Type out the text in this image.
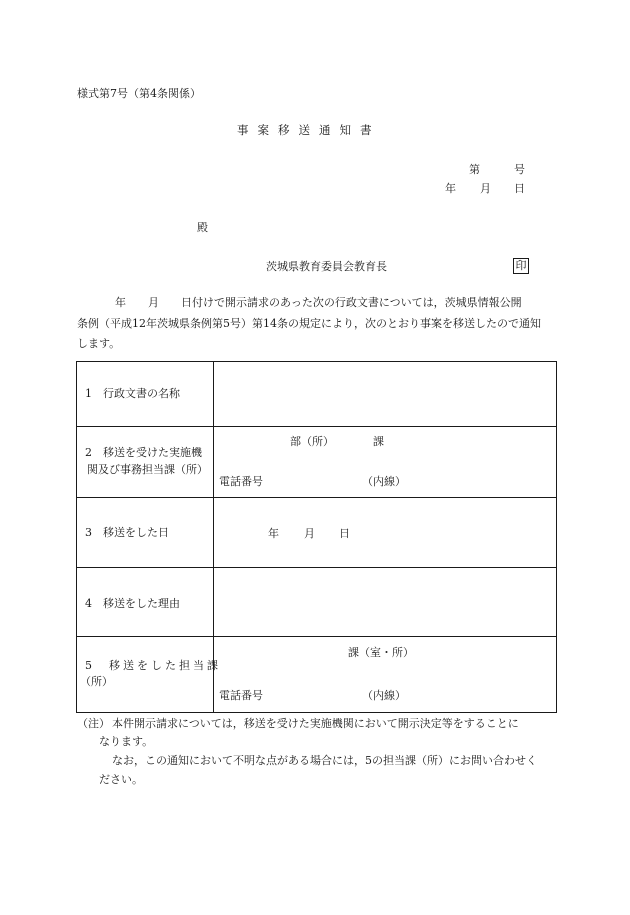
様式第7号（第4条関係）
事案移送通知書
第	号
年 月 日
殿
茨城県教育委員会教育長	印
年 月 日付けで開示請求のあった次の行政文書については，茨城県情報公開
条例（平成12年茨城県条例第5号）第14条の規定により，次のとおり事案を移送したので通知
します。
1　行政文書の名称	

2　移送を受けた実施機
関及び事務担当課（所）	部（所） 課
電話番号 （内線）

3　移送をした日	年 月 日

4　移送をした理由	

5　移送をした担当課
（所）	課（室・所）
電話番号 （内線）
（注） 本件開示請求については，移送を受けた実施機関において開示決定等をすることに
なります。
なお，この通知において不明な点がある場合には，5の担当課（所）にお問い合わせく
ださい。
